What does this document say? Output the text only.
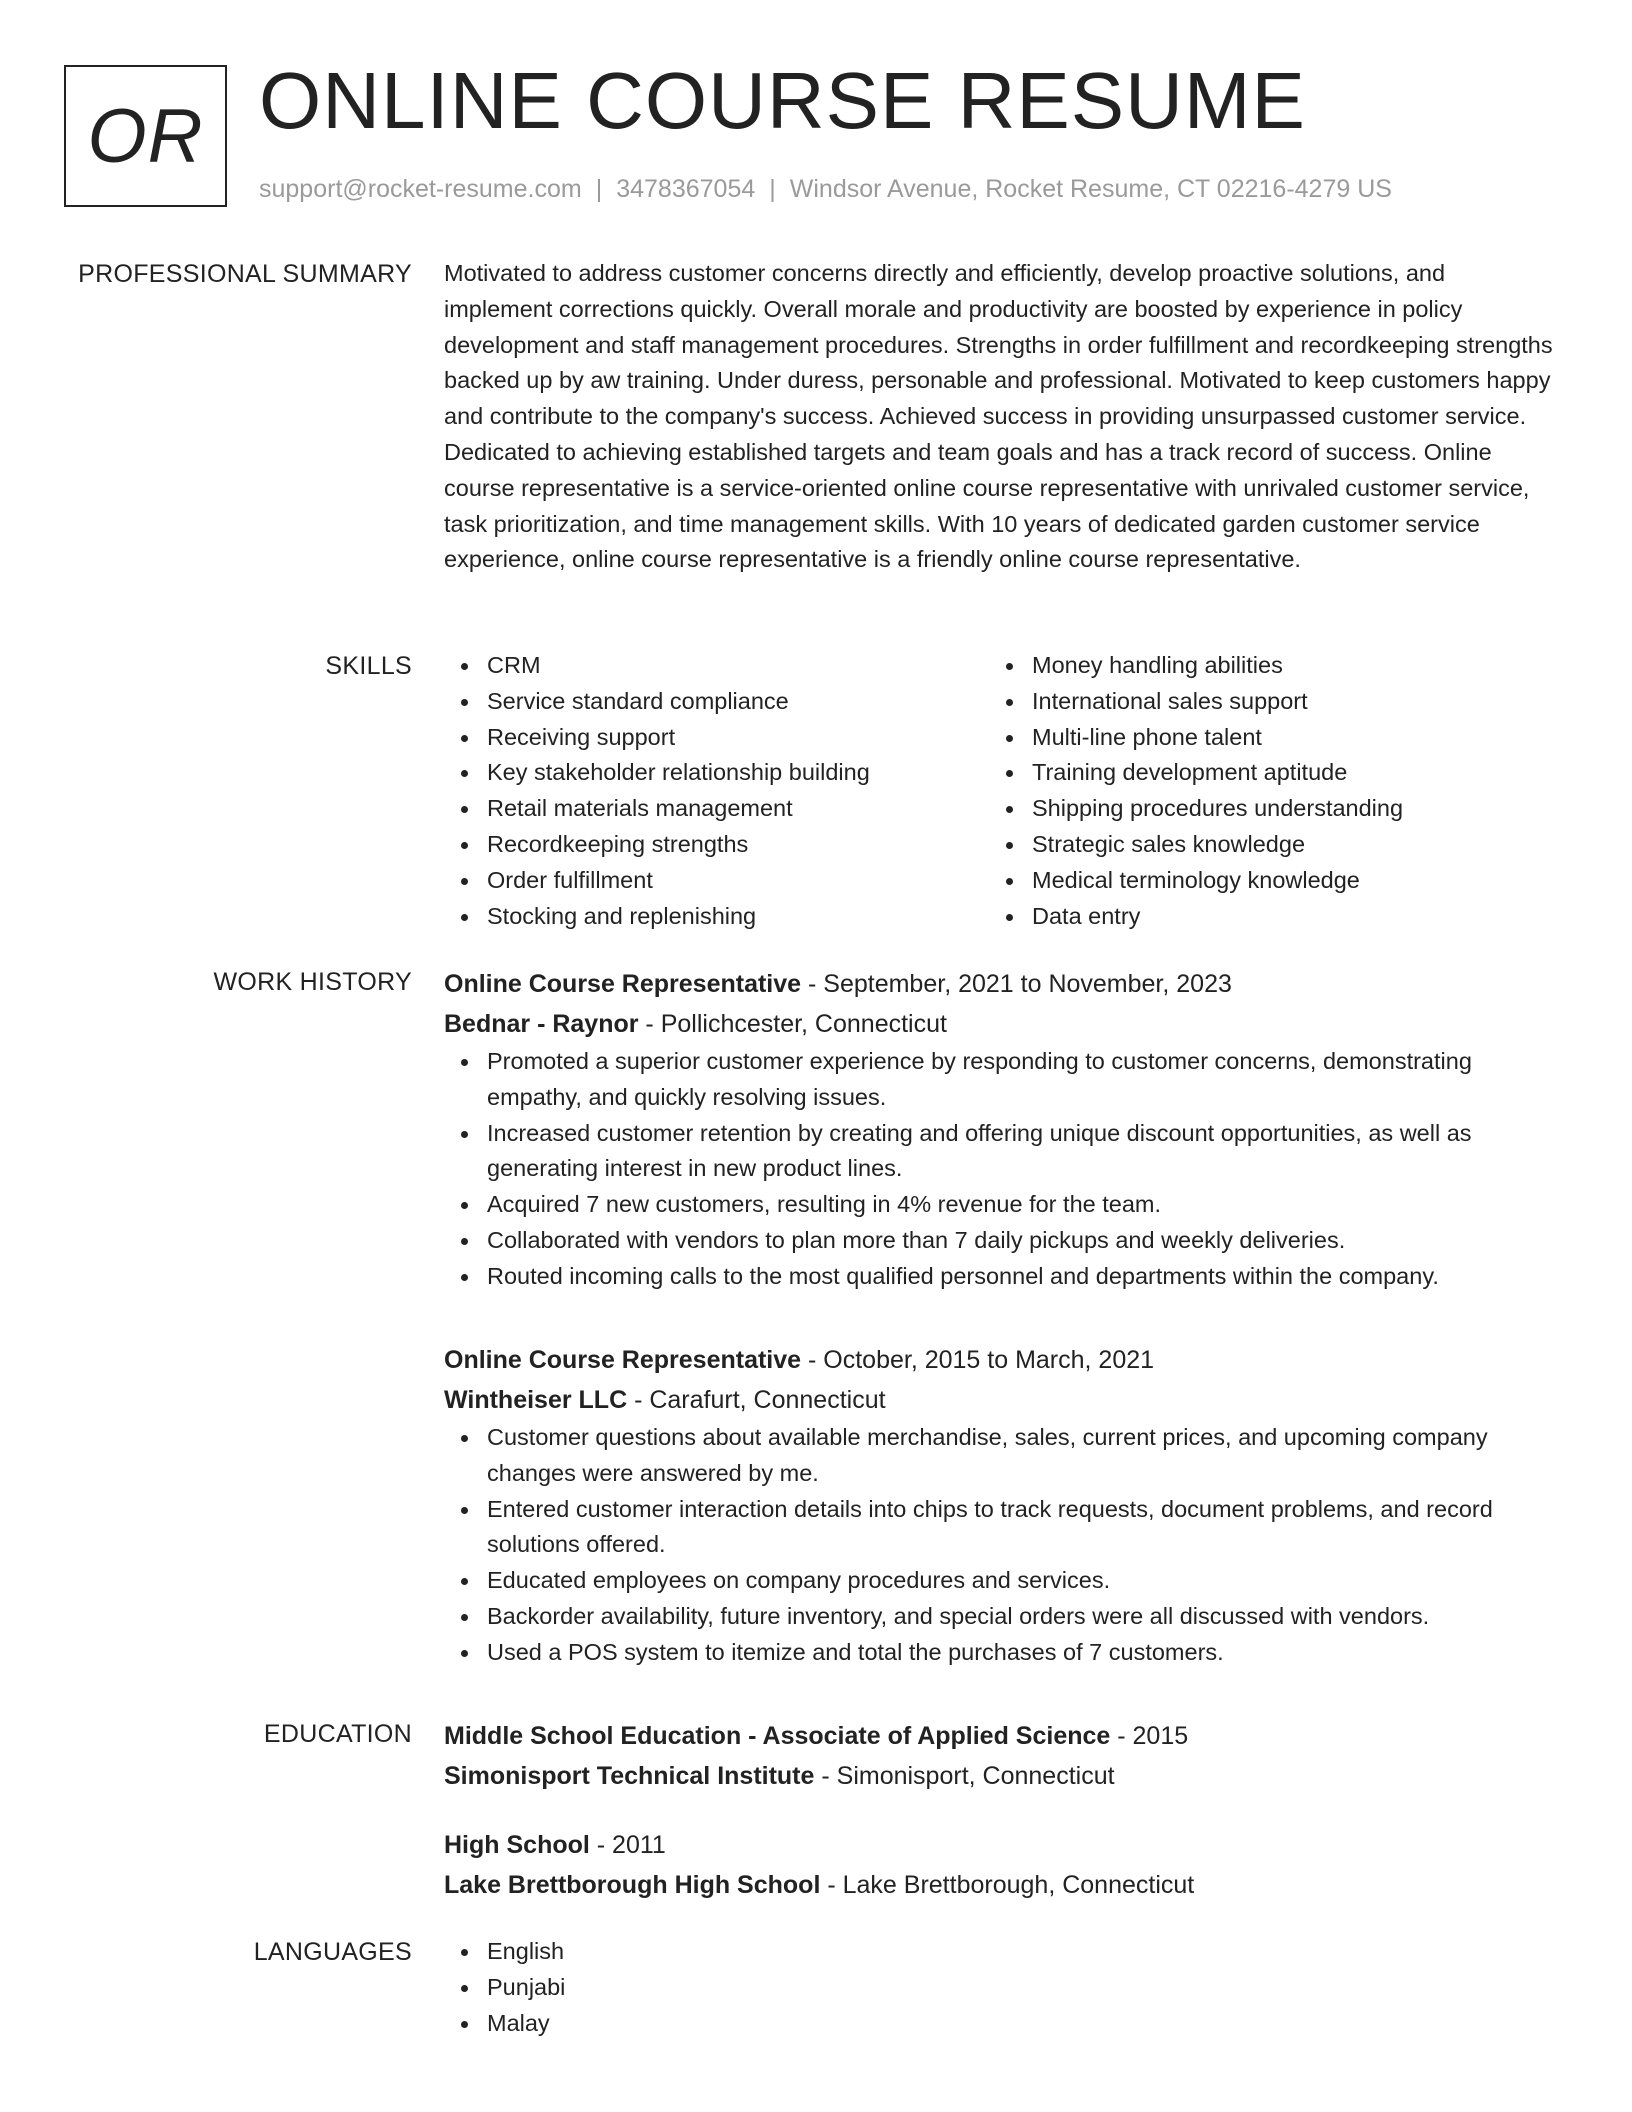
OR ONLINE COURSE RESUME
support@rocket-resume.com | 3478367054 | Windsor Avenue, Rocket Resume, CT 02216-4279 US
PROFESSIONAL SUMMARY Motivated to address customer concerns directly and efficiently, develop proactive solutions, and implement corrections quickly. Overall morale and productivity are boosted by experience in policy development and staff management procedures. Strengths in order fulfillment and recordkeeping strengths backed up by aw training. Under duress, personable and professional. Motivated to keep customers happy and contribute to the company's success. Achieved success in providing unsurpassed customer service. Dedicated to achieving established targets and team goals and has a track record of success. Online course representative is a service-oriented online course representative with unrivaled customer service, task prioritization, and time management skills. With 10 years of dedicated garden customer service experience, online course representative is a friendly online course representative.

SKILLS	CRM
Service standard compliance
Receiving support
Key stakeholder relationship building
Retail materials management
Recordkeeping strengths
Order fulfillment
Stocking and replenishing
Money handling abilities
International sales support
Multi-line phone talent
Training development aptitude
Shipping procedures understanding
Strategic sales knowledge
Medical terminology knowledge
Data entry
WORK HISTORY Online Course Representative - September, 2021 to November, 2023
Bednar - Raynor - Pollichcester, Connecticut
Promoted a superior customer experience by responding to customer concerns, demonstrating empathy, and quickly resolving issues.
Increased customer retention by creating and offering unique discount opportunities, as well as generating interest in new product lines.
Acquired 7 new customers, resulting in 4% revenue for the team.
Collaborated with vendors to plan more than 7 daily pickups and weekly deliveries.
Routed incoming calls to the most qualified personnel and departments within the company.
Online Course Representative - October, 2015 to March, 2021
Wintheiser LLC - Carafurt, Connecticut
Customer questions about available merchandise, sales, current prices, and upcoming company changes were answered by me.
Entered customer interaction details into chips to track requests, document problems, and record solutions offered.
Educated employees on company procedures and services.
Backorder availability, future inventory, and special orders were all discussed with vendors.
Used a POS system to itemize and total the purchases of 7 customers.
EDUCATION Middle School Education - Associate of Applied Science - 2015
Simonisport Technical Institute - Simonisport, Connecticut
High School - 2011
Lake Brettborough High School - Lake Brettborough, Connecticut
LANGUAGES	English
Punjabi
Malay
